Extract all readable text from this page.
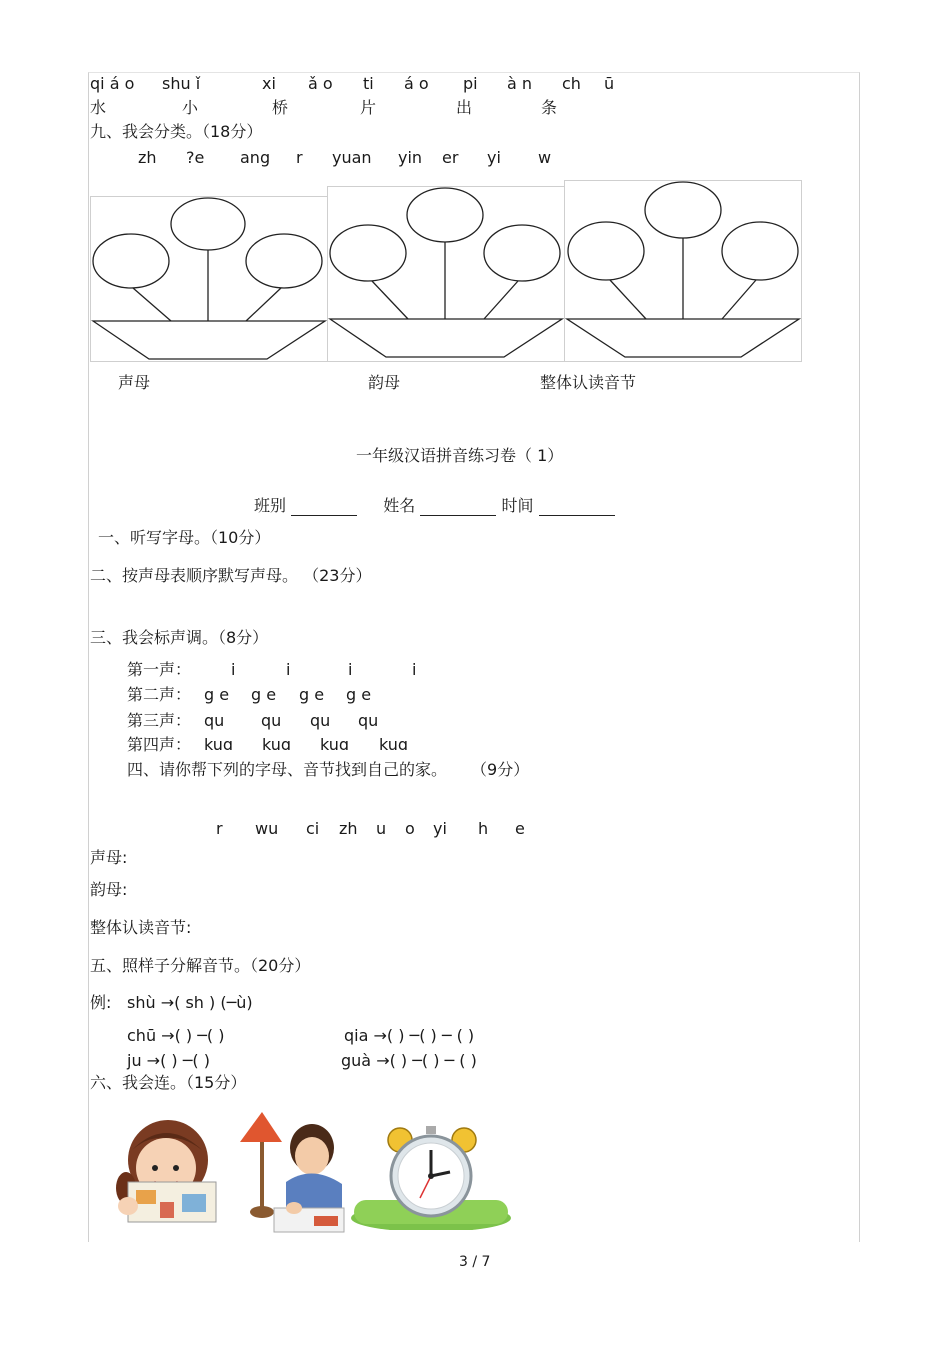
qi á o shu ǐ	xi ǎ o ti á o pi à n ch ū
水	小	桥	片	出	条
九、我会分类。（18分）
zh ?e ang r yuan yin er yi w
声母	韵母	整体认读音节
一年级汉语拼音练习卷（ 1）
班别	姓名	时间
一、听写字母。（10分）
二、按声母表顺序默写声母。 （23分）
三、我会标声调。（8分）
第一声： i	i	i	i
第二声： g e g e g e g e
第三声： qu qu qu qu
第四声： kuɑ kuɑ kuɑ kuɑ
四、请你帮下列的字母、音节找到自己的家。 （9分）
r wu ci zh u o yi h e
声母:
韵母:
整体认读音节:
五、照样子分解音节。（20分）
例: shù →( sh ) (─ù)
chū →( ) ─( )	qia →( ) ─( ) ─ ( )
ju →( ) ─( )	guà →( ) ─( ) ─ ( )
六、我会连。（15分）
3 / 7
